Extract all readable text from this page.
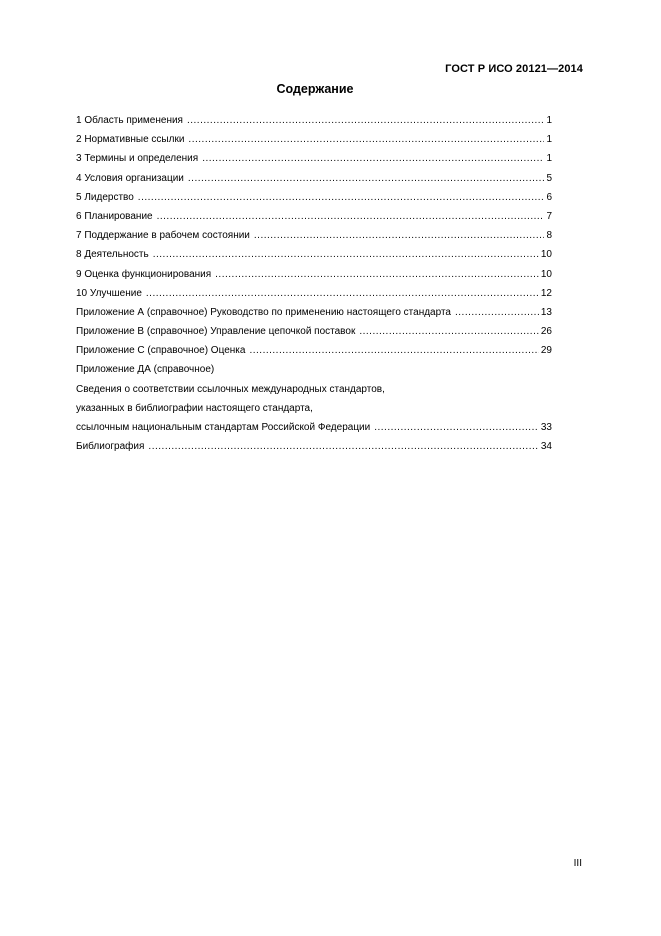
ГОСТ Р ИСО 20121—2014
Содержание
1 Область применения .....	1
2 Нормативные ссылки .....	1
3 Термины и определения .....	1
4 Условия организации .....	5
5 Лидерство .....	6
6 Планирование .....	7
7 Поддержание в рабочем состоянии .....	8
8 Деятельность .....	10
9 Оценка функционирования .....	10
10 Улучшение .....	12
Приложение А (справочное) Руководство по применению настоящего стандарта .....	13
Приложение В (справочное) Управление цепочкой поставок .....	26
Приложение С (справочное) Оценка .....	29
Приложение ДА (справочное)
Сведения о соответствии ссылочных международных стандартов,
указанных в библиографии настоящего стандарта,
ссылочным национальным стандартам Российской Федерации .....	33
Библиография .....	34
III
